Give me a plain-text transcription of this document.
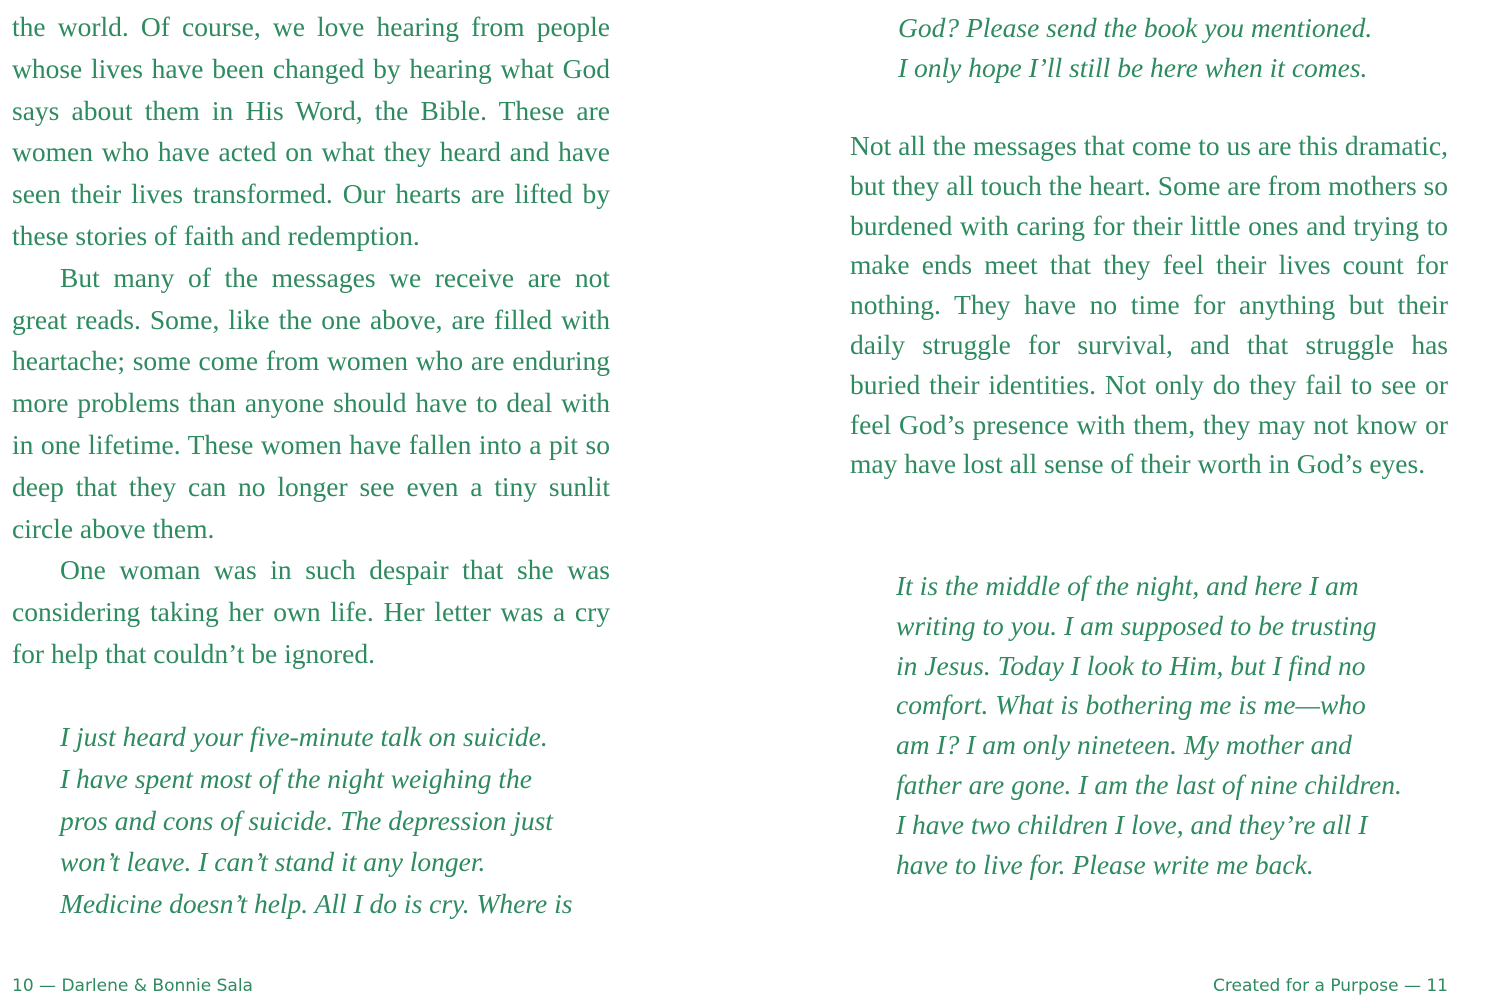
the world. Of course, we love hearing from people whose lives have been changed by hearing what God says about them in His Word, the Bible. These are women who have acted on what they heard and have seen their lives transformed. Our hearts are lifted by these stories of faith and redemption.

But many of the messages we receive are not great reads. Some, like the one above, are filled with heartache; some come from women who are enduring more problems than anyone should have to deal with in one lifetime. These women have fallen into a pit so deep that they can no longer see even a tiny sunlit circle above them.

One woman was in such despair that she was considering taking her own life. Her letter was a cry for help that couldn’t be ignored.

I just heard your five-minute talk on suicide.
I have spent most of the night weighing the
pros and cons of suicide. The depression just
won’t leave. I can’t stand it any longer.
Medicine doesn’t help. All I do is cry. Where is
10 — Darlene & Bonnie Sala
God? Please send the book you mentioned.
I only hope I’ll still be here when it comes.

Not all the messages that come to us are this dramatic, but they all touch the heart. Some are from mothers so burdened with caring for their little ones and trying to make ends meet that they feel their lives count for nothing. They have no time for anything but their daily struggle for survival, and that struggle has buried their identities. Not only do they fail to see or feel God’s presence with them, they may not know or may have lost all sense of their worth in God’s eyes.

It is the middle of the night, and here I am
writing to you. I am supposed to be trusting
in Jesus. Today I look to Him, but I find no
comfort. What is bothering me is me—who
am I? I am only nineteen. My mother and
father are gone. I am the last of nine children.
I have two children I love, and they’re all I
have to live for. Please write me back.
Created for a Purpose — 11
